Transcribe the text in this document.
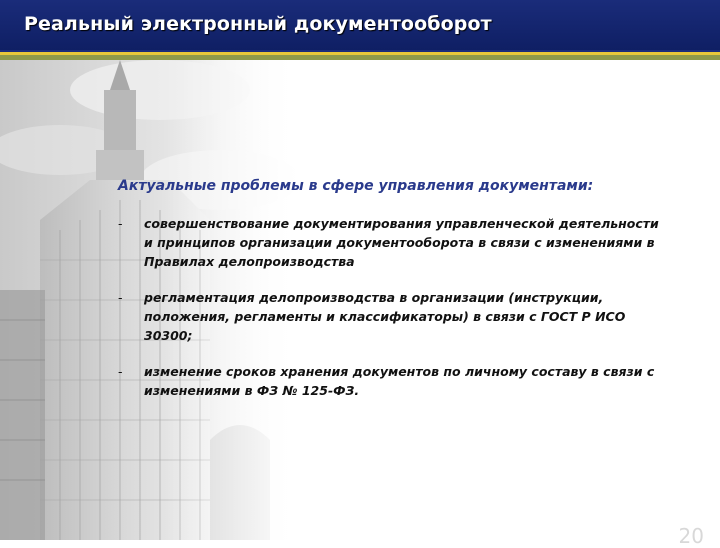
Реальный электронный документооборот
Актуальные проблемы в сфере управления документами:
- совершенствование документирования управленческой деятельности и принципов организации документооборота в связи с изменениями в Правилах делопроизводства
- регламентация делопроизводства в организации (инструкции, положения, регламенты и классификаторы) в связи с ГОСТ Р ИСО 30300;
- изменение сроков хранения документов по личному составу в связи с изменениями в ФЗ № 125-ФЗ.
20
